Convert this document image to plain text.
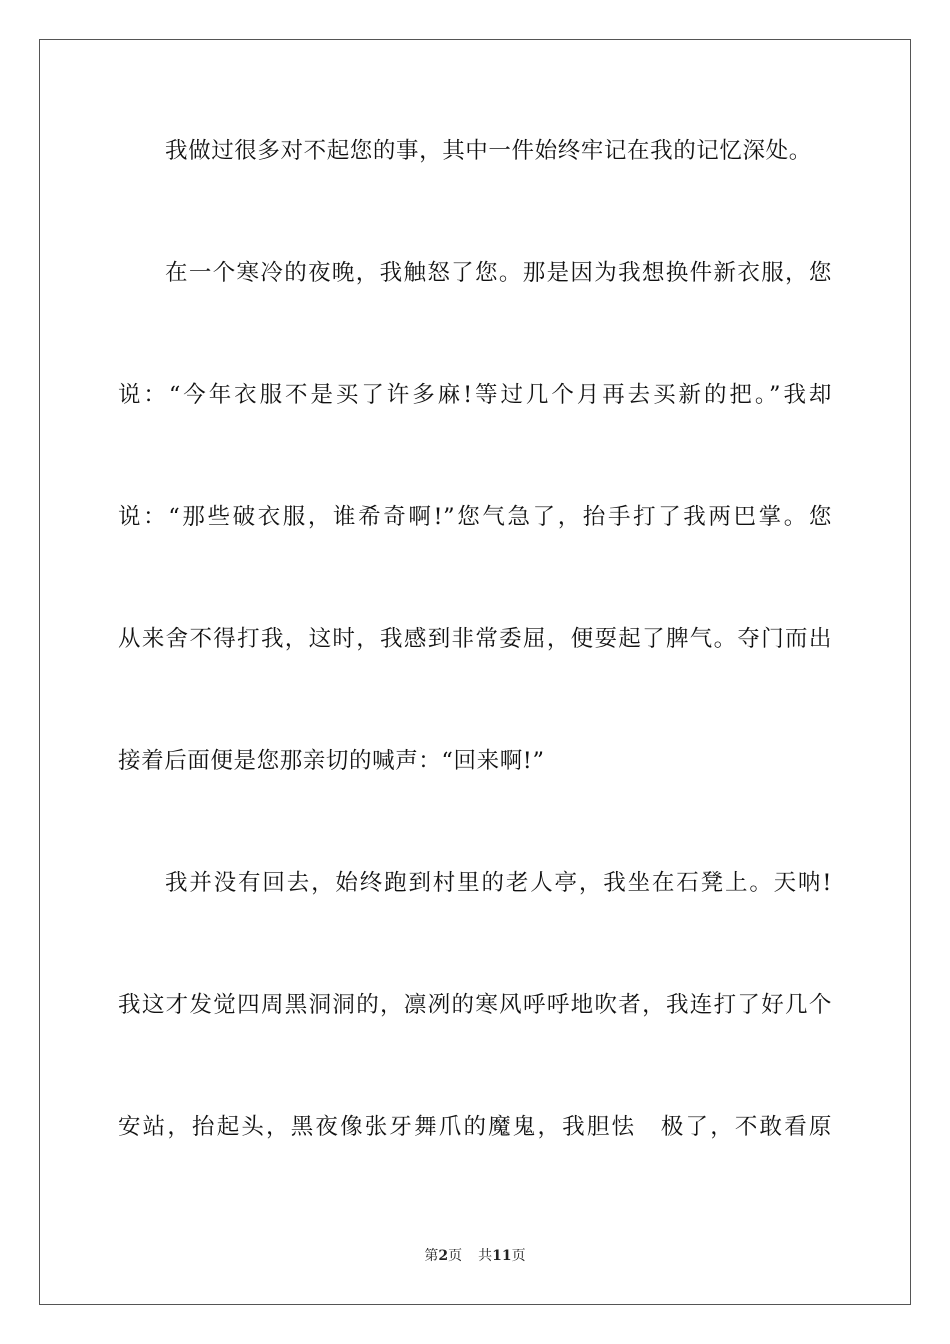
我做过很多对不起您的事，其中一件始终牢记在我的记忆深处。
在一个寒冷的夜晚，我触怒了您。那是因为我想换件新衣服，您
说：“今年衣服不是买了许多麻!等过几个月再去买新的把。”我却
说：“那些破衣服，谁希奇啊!”您气急了，抬手打了我两巴掌。您
从来舍不得打我，这时，我感到非常委屈，便耍起了脾气。夺门而出
接着后面便是您那亲切的喊声：“回来啊!”
我并没有回去，始终跑到村里的老人亭，我坐在石凳上。天呐!
我这才发觉四周黑洞洞的，凛冽的寒风呼呼地吹者，我连打了好几个
安站，抬起头，黑夜像张牙舞爪的魔鬼，我胆怯　极了，不敢看原
第2页 共11页
